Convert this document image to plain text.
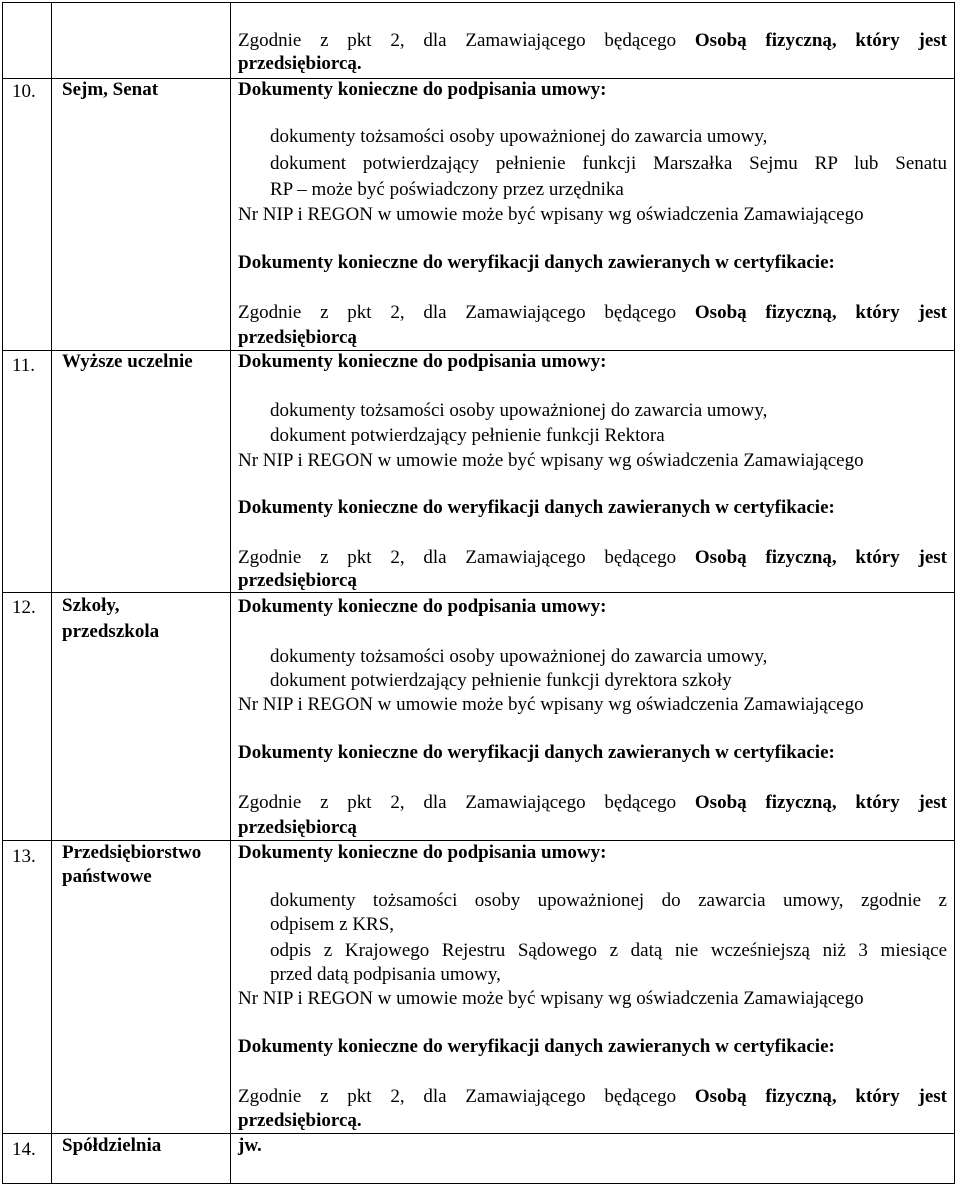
Zgodnie z pkt 2, dla Zamawiającego będącego Osobą fizyczną, który jest
przedsiębiorcą.
10. Sejm, Senat	Dokumenty konieczne do podpisania umowy:
dokumenty tożsamości osoby upoważnionej do zawarcia umowy,
dokument potwierdzający pełnienie funkcji Marszałka Sejmu RP lub Senatu
RP – może być poświadczony przez urzędnika
Nr NIP i REGON w umowie może być wpisany wg oświadczenia Zamawiającego
Dokumenty konieczne do weryfikacji danych zawieranych w certyfikacie:
Zgodnie z pkt 2, dla Zamawiającego będącego Osobą fizyczną, który jest
przedsiębiorcą
11. Wyższe uczelnie Dokumenty konieczne do podpisania umowy:
dokumenty tożsamości osoby upoważnionej do zawarcia umowy,
dokument potwierdzający pełnienie funkcji Rektora
Nr NIP i REGON w umowie może być wpisany wg oświadczenia Zamawiającego
Dokumenty konieczne do weryfikacji danych zawieranych w certyfikacie:
Zgodnie z pkt 2, dla Zamawiającego będącego Osobą fizyczną, który jest
przedsiębiorcą
12. Szkoły,
przedszkola
Dokumenty konieczne do podpisania umowy:
dokumenty tożsamości osoby upoważnionej do zawarcia umowy,
dokument potwierdzający pełnienie funkcji dyrektora szkoły
Nr NIP i REGON w umowie może być wpisany wg oświadczenia Zamawiającego
Dokumenty konieczne do weryfikacji danych zawieranych w certyfikacie:
Zgodnie z pkt 2, dla Zamawiającego będącego Osobą fizyczną, który jest
przedsiębiorcą
13. Przedsiębiorstwo
państwowe
Dokumenty konieczne do podpisania umowy:
dokumenty tożsamości osoby upoważnionej do zawarcia umowy, zgodnie z
odpisem z KRS,
odpis z Krajowego Rejestru Sądowego z datą nie wcześniejszą niż 3 miesiące
przed datą podpisania umowy,
Nr NIP i REGON w umowie może być wpisany wg oświadczenia Zamawiającego
Dokumenty konieczne do weryfikacji danych zawieranych w certyfikacie:
Zgodnie z pkt 2, dla Zamawiającego będącego Osobą fizyczną, który jest
przedsiębiorcą.
14. Spółdzielnia	jw.
